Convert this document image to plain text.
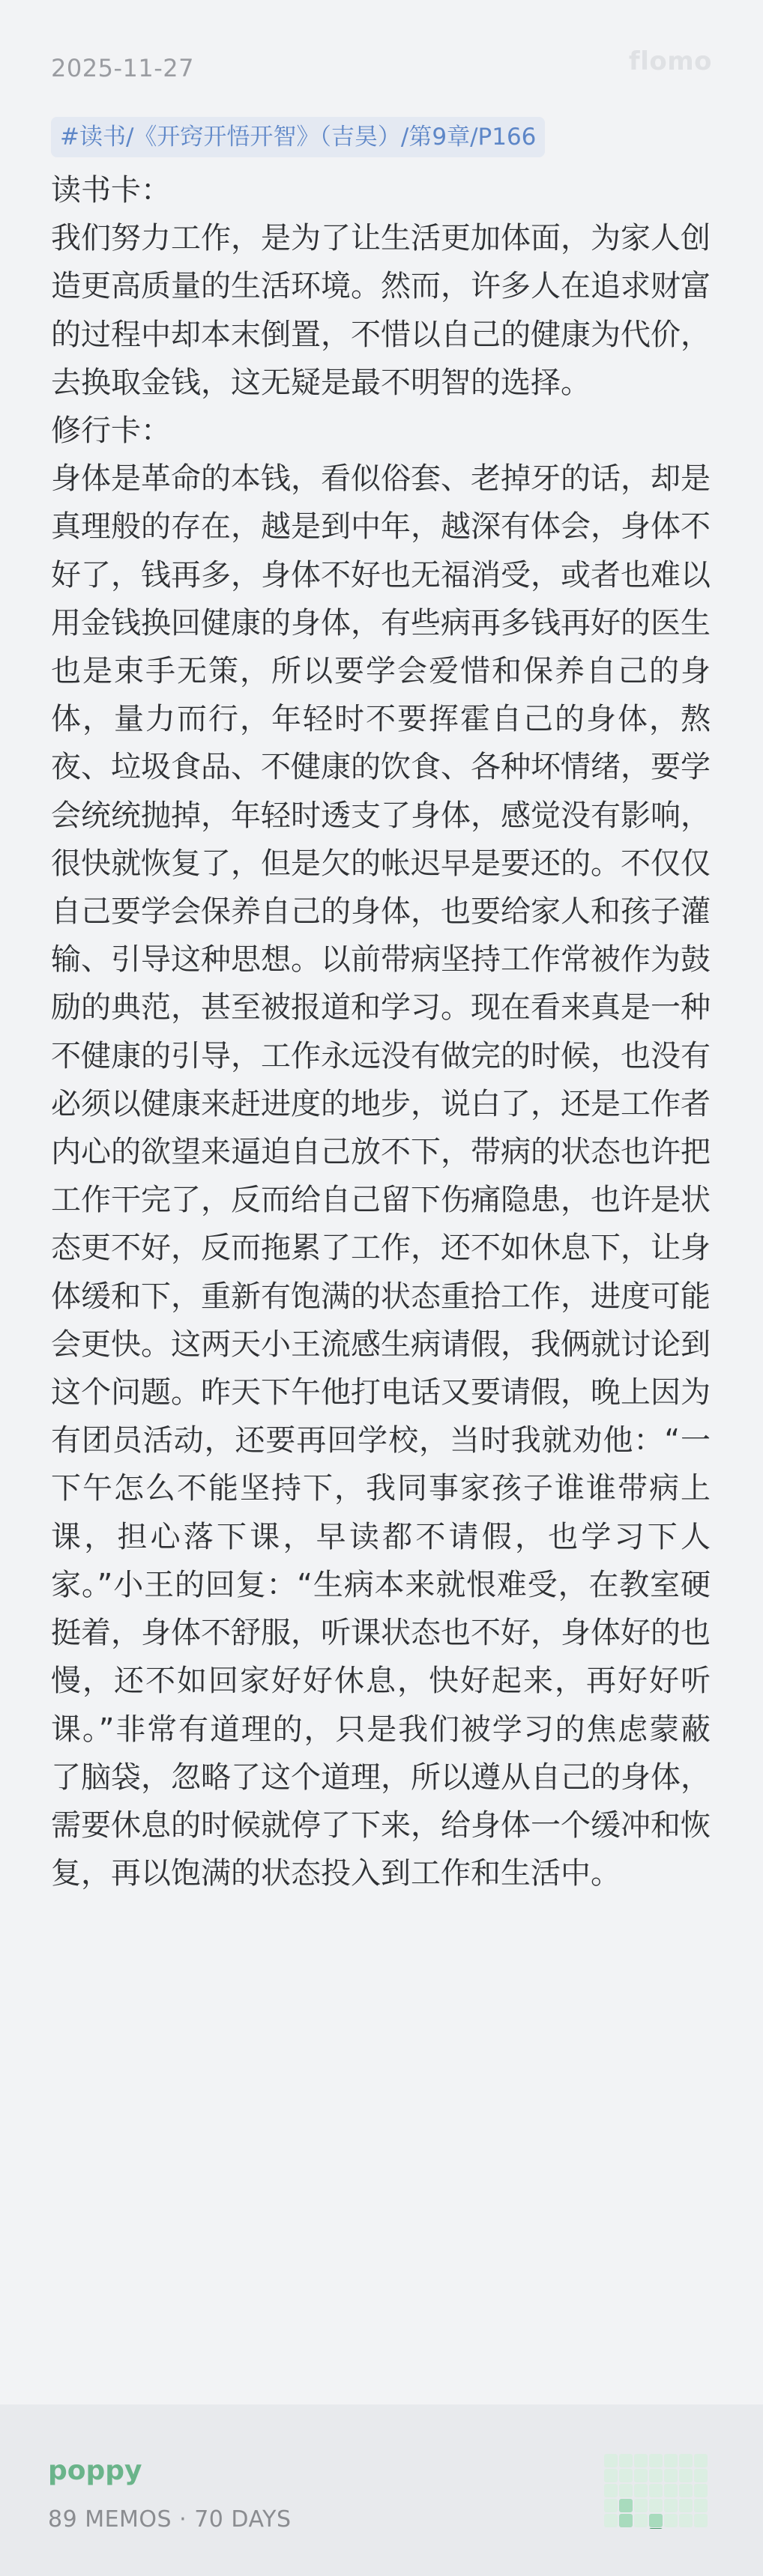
2025-11-27	flomo
#读书/《开窍开悟开智》（吉昊）/第9章/P166

读书卡：

我们努力工作，是为了让生活更加体面，为家人创造更高质量的生活环境。然而，许多人在追求财富的过程中却本末倒置，不惜以自己的健康为代价，去换取金钱，这无疑是最不明智的选择。

修行卡：

身体是革命的本钱，看似俗套、老掉牙的话，却是真理般的存在，越是到中年，越深有体会，身体不好了，钱再多，身体不好也无福消受，或者也难以用金钱换回健康的身体，有些病再多钱再好的医生也是束手无策，所以要学会爱惜和保养自己的身体，量力而行，年轻时不要挥霍自己的身体，熬夜、垃圾食品、不健康的饮食、各种坏情绪，要学会统统抛掉，年轻时透支了身体，感觉没有影响，很快就恢复了，但是欠的帐迟早是要还的。不仅仅自己要学会保养自己的身体，也要给家人和孩子灌输、引导这种思想。以前带病坚持工作常被作为鼓励的典范，甚至被报道和学习。现在看来真是一种不健康的引导，工作永远没有做完的时候，也没有必须以健康来赶进度的地步，说白了，还是工作者内心的欲望来逼迫自己放不下，带病的状态也许把工作干完了，反而给自己留下伤痛隐患，也许是状态更不好，反而拖累了工作，还不如休息下，让身体缓和下，重新有饱满的状态重拾工作，进度可能会更快。这两天小王流感生病请假，我俩就讨论到这个问题。昨天下午他打电话又要请假，晚上因为有团员活动，还要再回学校，当时我就劝他：“一下午怎么不能坚持下，我同事家孩子谁谁带病上课，担心落下课，早读都不请假，也学习下人家。”小王的回复：“生病本来就恨难受，在教室硬挺着，身体不舒服，听课状态也不好，身体好的也慢，还不如回家好好休息，快好起来，再好好听课。”非常有道理的，只是我们被学习的焦虑蒙蔽了脑袋，忽略了这个道理，所以遵从自己的身体，需要休息的时候就停了下来，给身体一个缓冲和恢复，再以饱满的状态投入到工作和生活中。

poppy
89 MEMOS · 70 DAYS
